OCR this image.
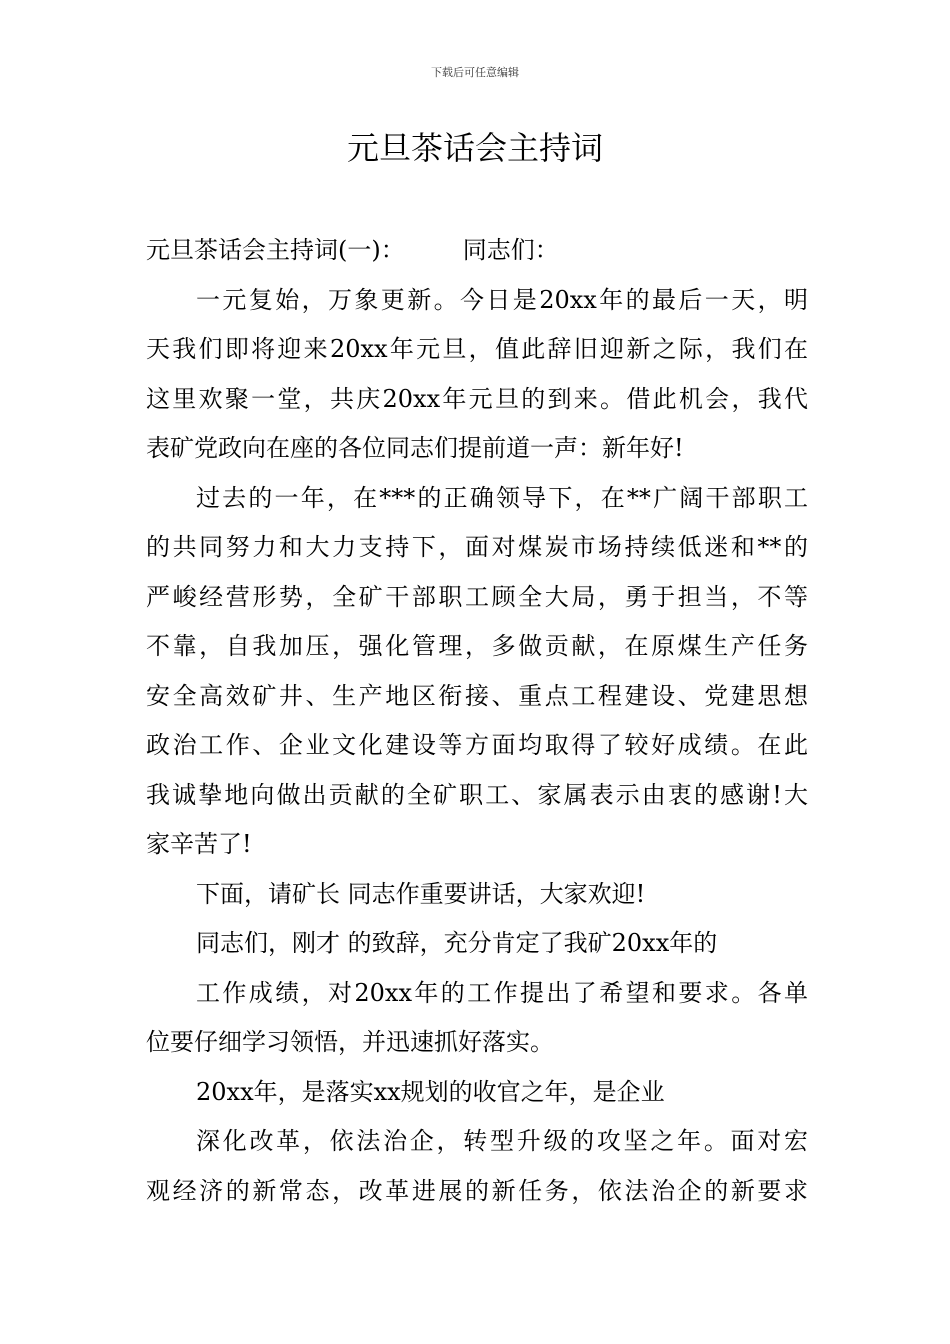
下载后可任意编辑
元旦茶话会主持词
元旦茶话会主持词(一)： 同志们：
一元复始，万象更新。今日是20xx年的最后一天，明
天我们即将迎来20xx年元旦，值此辞旧迎新之际，我们在
这里欢聚一堂，共庆20xx年元旦的到来。借此机会，我代
表矿党政向在座的各位同志们提前道一声：新年好!
过去的一年，在***的正确领导下，在**广阔干部职工
的共同努力和大力支持下，面对煤炭市场持续低迷和**的
严峻经营形势，全矿干部职工顾全大局，勇于担当，不等
不靠，自我加压，强化管理，多做贡献，在原煤生产任务
安全高效矿井、生产地区衔接、重点工程建设、党建思想
政治工作、企业文化建设等方面均取得了较好成绩。在此
我诚挚地向做出贡献的全矿职工、家属表示由衷的感谢!大
家辛苦了!
下面，请矿长 同志作重要讲话，大家欢迎!
同志们，刚才 的致辞，充分肯定了我矿20xx年的
工作成绩，对20xx年的工作提出了希望和要求。各单
位要仔细学习领悟，并迅速抓好落实。
20xx年，是落实xx规划的收官之年，是企业
深化改革，依法治企，转型升级的攻坚之年。面对宏
观经济的新常态，改革进展的新任务，依法治企的新要求
